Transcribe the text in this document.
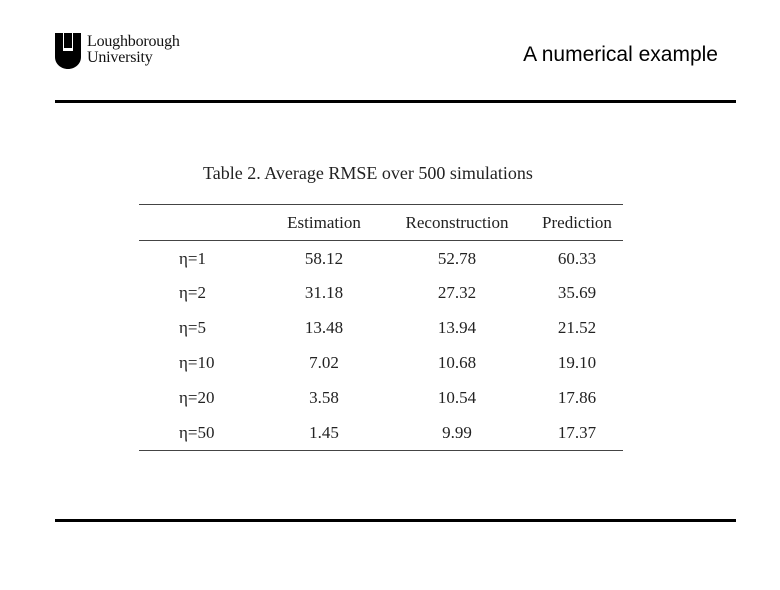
Loughborough
University	A numerical example

Table 2. Average RMSE over 500 simulations

	Estimation	Reconstruction	Prediction
η=1	58.12	52.78	60.33
η=2	31.18	27.32	35.69
η=5	13.48	13.94	21.52
η=10	7.02	10.68	19.10
η=20	3.58	10.54	17.86
η=50	1.45	9.99	17.37
